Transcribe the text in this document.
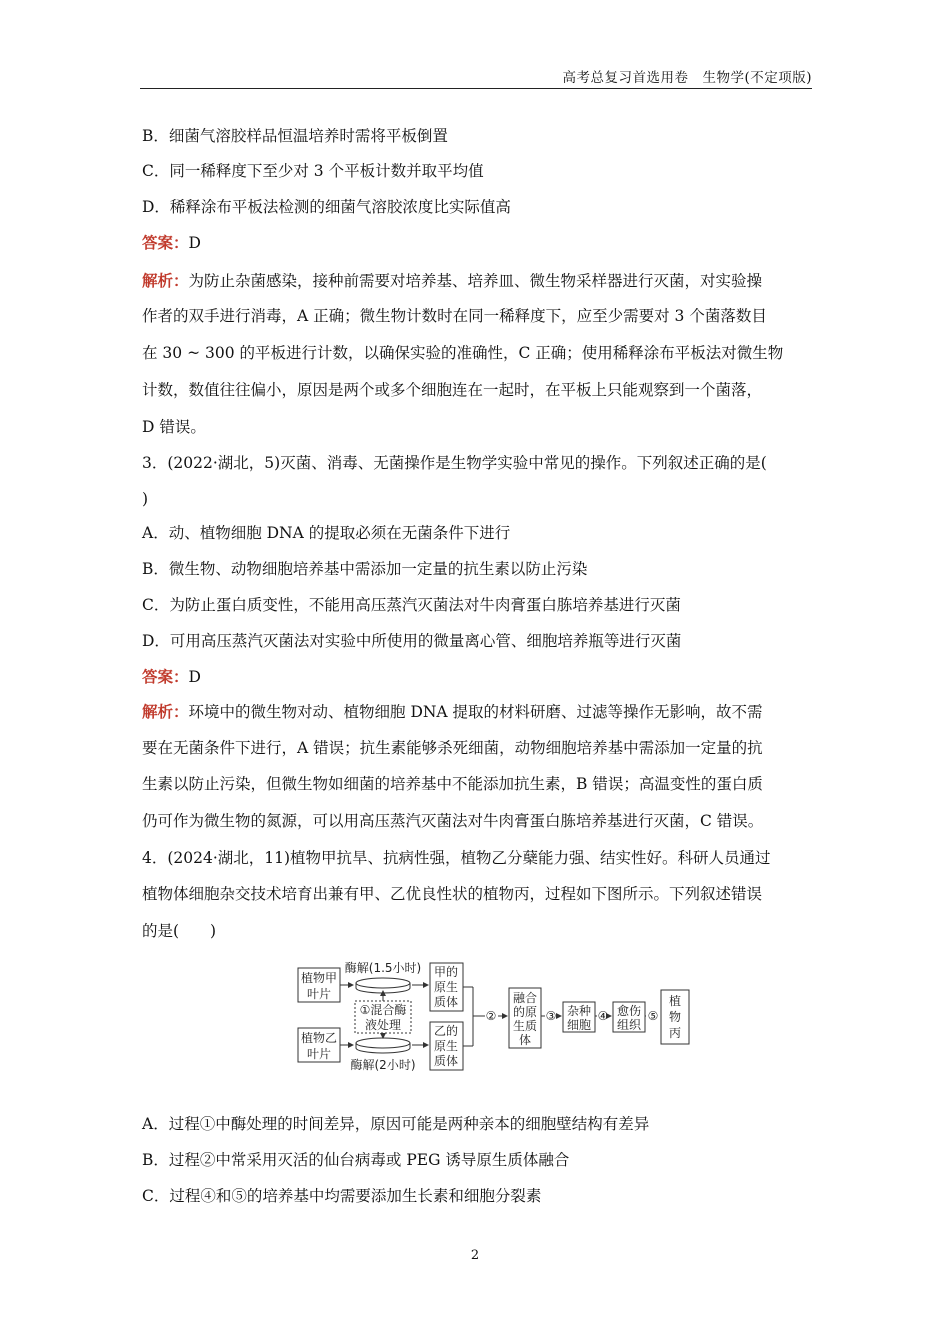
高考总复习首选用卷　生物学(不定项版)
B．细菌气溶胶样品恒温培养时需将平板倒置
C．同一稀释度下至少对 3 个平板计数并取平均值
D．稀释涂布平板法检测的细菌气溶胶浓度比实际值高
答案：D
解析：为防止杂菌感染，接种前需要对培养基、培养皿、微生物采样器进行灭菌，对实验操
作者的双手进行消毒，A 正确；微生物计数时在同一稀释度下，应至少需要对 3 个菌落数目
在 30 ~ 300 的平板进行计数，以确保实验的准确性，C 正确；使用稀释涂布平板法对微生物
计数，数值往往偏小，原因是两个或多个细胞连在一起时，在平板上只能观察到一个菌落，
D 错误。
3．(2022·湖北，5)灭菌、消毒、无菌操作是生物学实验中常见的操作。下列叙述正确的是(
)
A．动、植物细胞 DNA 的提取必须在无菌条件下进行
B．微生物、动物细胞培养基中需添加一定量的抗生素以防止污染
C．为防止蛋白质变性，不能用高压蒸汽灭菌法对牛肉膏蛋白胨培养基进行灭菌
D．可用高压蒸汽灭菌法对实验中所使用的微量离心管、细胞培养瓶等进行灭菌
答案：D
解析：环境中的微生物对动、植物细胞 DNA 提取的材料研磨、过滤等操作无影响，故不需
要在无菌条件下进行，A 错误；抗生素能够杀死细菌，动物细胞培养基中需添加一定量的抗
生素以防止污染，但微生物如细菌的培养基中不能添加抗生素，B 错误；高温变性的蛋白质
仍可作为微生物的氮源，可以用高压蒸汽灭菌法对牛肉膏蛋白胨培养基进行灭菌，C 错误。
4．(2024·湖北，11)植物甲抗旱、抗病性强，植物乙分蘖能力强、结实性好。科研人员通过
植物体细胞杂交技术培育出兼有甲、乙优良性状的植物丙，过程如下图所示。下列叙述错误
的是(　　)
A．过程①中酶处理的时间差异，原因可能是两种亲本的细胞壁结构有差异
B．过程②中常采用灭活的仙台病毒或 PEG 诱导原生质体融合
C．过程④和⑤的培养基中均需要添加生长素和细胞分裂素
植物甲
叶片
植物乙
叶片
酶解(1.5小时)
酶解(2小时)
①混合酶
液处理
甲的
原生
质体
乙的
原生
质体
②
融合
的原
生质
体
③ 杂种
细胞
④ 愈伤
组织
⑤
植
物
丙
2
